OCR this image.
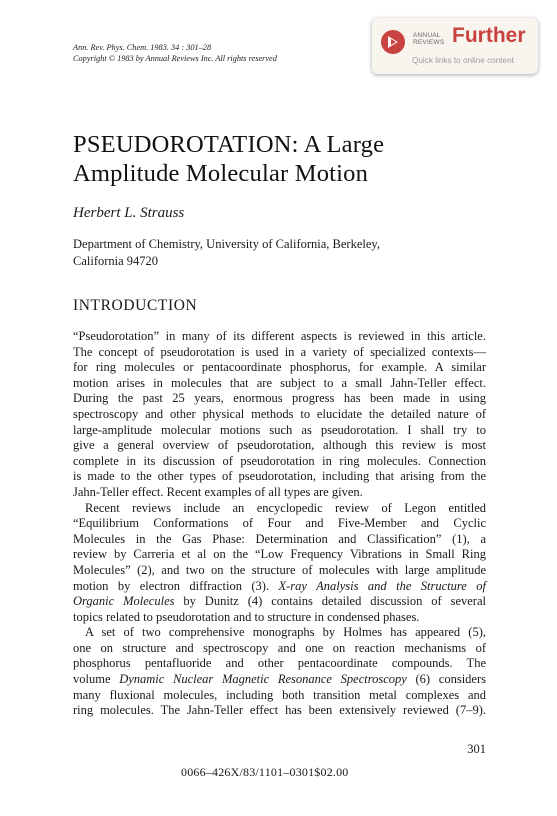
Ann. Rev. Phys. Chem. 1983. 34 : 301–28
Copyright © 1983 by Annual Reviews Inc. All rights reserved
ANNUAL
REVIEWS Further
Quick links to online content
PSEUDOROTATION: A Large
Amplitude Molecular Motion
Herbert L. Strauss
Department of Chemistry, University of California, Berkeley,
California 94720
INTRODUCTION
“Pseudorotation” in many of its different aspects is reviewed in this article.
The concept of pseudorotation is used in a variety of specialized contexts—
for ring molecules or pentacoordinate phosphorus, for example. A similar
motion arises in molecules that are subject to a small Jahn-Teller effect.
During the past 25 years, enormous progress has been made in using
spectroscopy and other physical methods to elucidate the detailed nature of
large-amplitude molecular motions such as pseudorotation. I shall try to
give a general overview of pseudorotation, although this review is most
complete in its discussion of pseudorotation in ring molecules. Connection
is made to the other types of pseudorotation, including that arising from the
Jahn-Teller effect. Recent examples of all types are given.
Recent reviews include an encyclopedic review of Legon entitled
“Equilibrium Conformations of Four and Five-Member and Cyclic
Molecules in the Gas Phase: Determination and Classification” (1), a
review by Carreria et al on the “Low Frequency Vibrations in Small Ring
Molecules” (2), and two on the structure of molecules with large amplitude
motion by electron diffraction (3). X-ray Analysis and the Structure of
Organic Molecules by Dunitz (4) contains detailed discussion of several
topics related to pseudorotation and to structure in condensed phases.
A set of two comprehensive monographs by Holmes has appeared (5),
one on structure and spectroscopy and one on reaction mechanisms of
phosphorus pentafluoride and other pentacoordinate compounds. The
volume Dynamic Nuclear Magnetic Resonance Spectroscopy (6) considers
many fluxional molecules, including both transition metal complexes and
ring molecules. The Jahn-Teller effect has been extensively reviewed (7–9).
301
0066–426X/83/1101–0301$02.00
